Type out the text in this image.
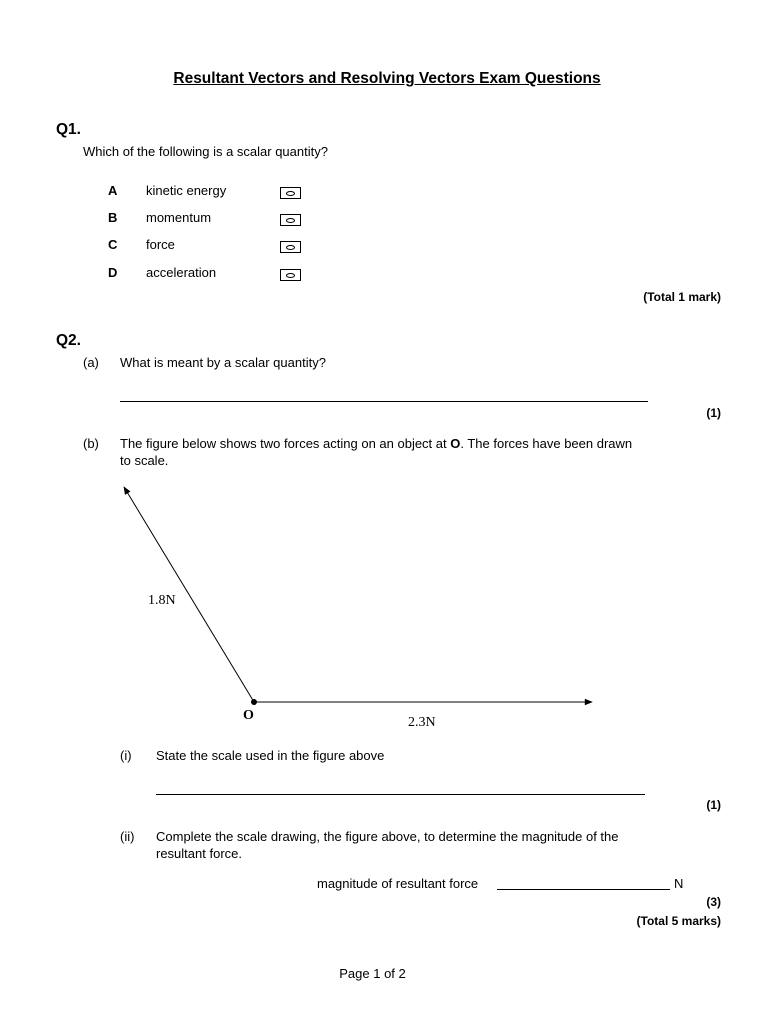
Resultant Vectors and Resolving Vectors Exam Questions
Q1.
Which of the following is a scalar quantity?
A kinetic energy
B momentum
C force
D acceleration
(Total 1 mark)
Q2.
(a) What is meant by a scalar quantity?
(1)
(b) The figure below shows two forces acting on an object at O. The forces have been drawn
to scale.
1.8N
2.3N
O
(i) State the scale used in the figure above
(1)
(ii) Complete the scale drawing, the figure above, to determine the magnitude of the
resultant force.
magnitude of resultant force	N
(3)
(Total 5 marks)
Page 1 of 2
